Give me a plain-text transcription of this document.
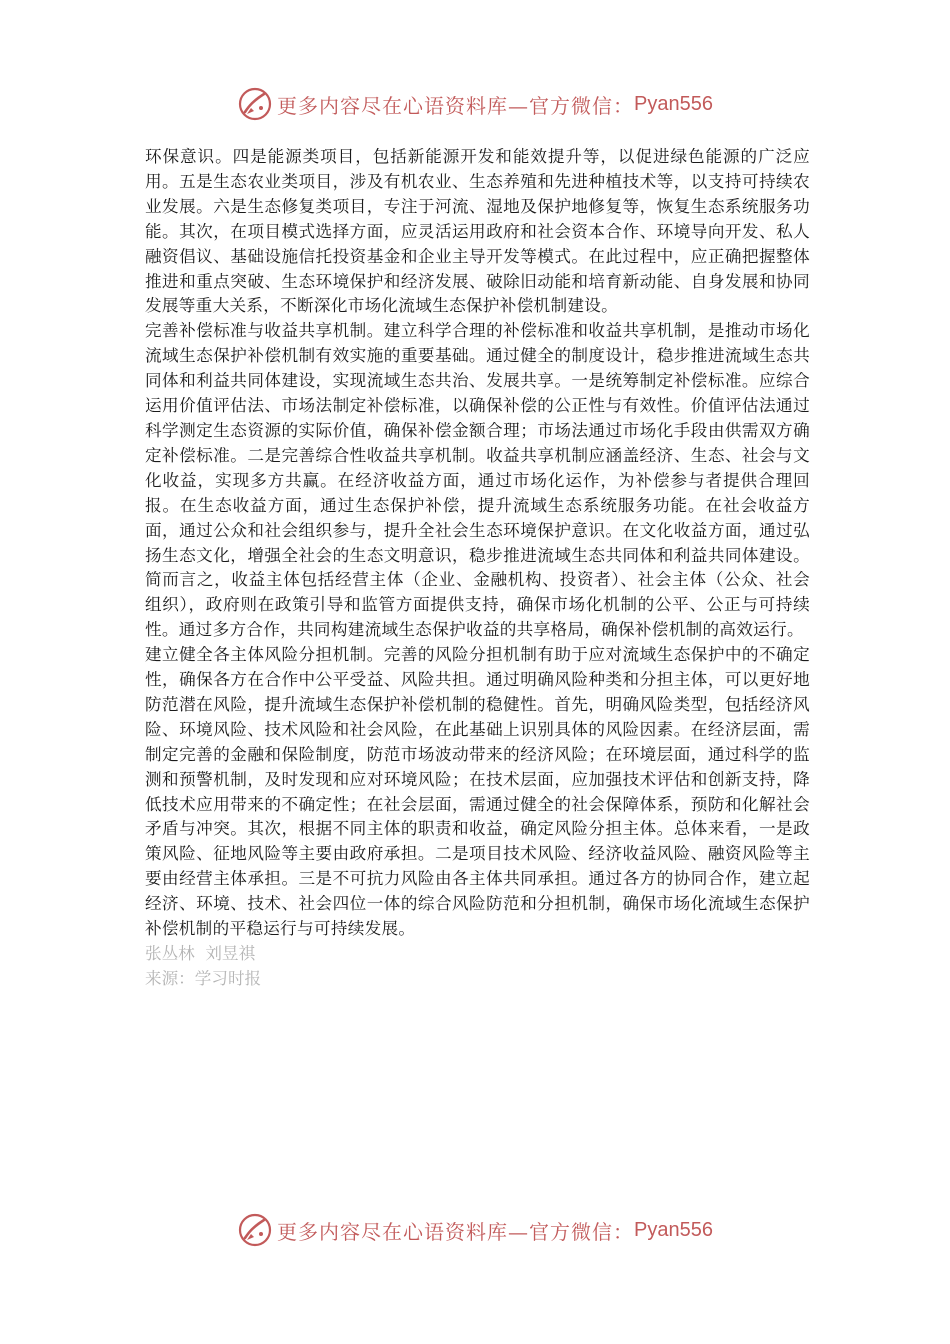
更多内容尽在心语资料库—官方微信： Pyan556

环保意识。四是能源类项目，包括新能源开发和能效提升等，以促进绿色能源的广泛应用。五是生态农业类项目，涉及有机农业、生态养殖和先进种植技术等，以支持可持续农业发展。六是生态修复类项目，专注于河流、湿地及保护地修复等，恢复生态系统服务功能。其次，在项目模式选择方面，应灵活运用政府和社会资本合作、环境导向开发、私人融资倡议、基础设施信托投资基金和企业主导开发等模式。在此过程中，应正确把握整体推进和重点突破、生态环境保护和经济发展、破除旧动能和培育新动能、自身发展和协同发展等重大关系，不断深化市场化流域生态保护补偿机制建设。

完善补偿标准与收益共享机制。建立科学合理的补偿标准和收益共享机制，是推动市场化流域生态保护补偿机制有效实施的重要基础。通过健全的制度设计，稳步推进流域生态共同体和利益共同体建设，实现流域生态共治、发展共享。一是统筹制定补偿标准。应综合运用价值评估法、市场法制定补偿标准，以确保补偿的公正性与有效性。价值评估法通过科学测定生态资源的实际价值，确保补偿金额合理；市场法通过市场化手段由供需双方确定补偿标准。二是完善综合性收益共享机制。收益共享机制应涵盖经济、生态、社会与文化收益，实现多方共赢。在经济收益方面，通过市场化运作，为补偿参与者提供合理回报。在生态收益方面，通过生态保护补偿，提升流域生态系统服务功能。在社会收益方面，通过公众和社会组织参与，提升全社会生态环境保护意识。在文化收益方面，通过弘扬生态文化，增强全社会的生态文明意识，稳步推进流域生态共同体和利益共同体建设。简而言之，收益主体包括经营主体（企业、金融机构、投资者）、社会主体（公众、社会组织），政府则在政策引导和监管方面提供支持，确保市场化机制的公平、公正与可持续性。通过多方合作，共同构建流域生态保护收益的共享格局，确保补偿机制的高效运行。

建立健全各主体风险分担机制。完善的风险分担机制有助于应对流域生态保护中的不确定性，确保各方在合作中公平受益、风险共担。通过明确风险种类和分担主体，可以更好地防范潜在风险，提升流域生态保护补偿机制的稳健性。首先，明确风险类型，包括经济风险、环境风险、技术风险和社会风险，在此基础上识别具体的风险因素。在经济层面，需制定完善的金融和保险制度，防范市场波动带来的经济风险；在环境层面，通过科学的监测和预警机制，及时发现和应对环境风险；在技术层面，应加强技术评估和创新支持，降低技术应用带来的不确定性；在社会层面，需通过健全的社会保障体系，预防和化解社会矛盾与冲突。其次，根据不同主体的职责和收益，确定风险分担主体。总体来看，一是政策风险、征地风险等主要由政府承担。二是项目技术风险、经济收益风险、融资风险等主要由经营主体承担。三是不可抗力风险由各主体共同承担。通过各方的协同合作，建立起经济、环境、技术、社会四位一体的综合风险防范和分担机制，确保市场化流域生态保护补偿机制的平稳运行与可持续发展。

张丛林  刘昱祺

来源：学习时报

更多内容尽在心语资料库—官方微信： Pyan556
